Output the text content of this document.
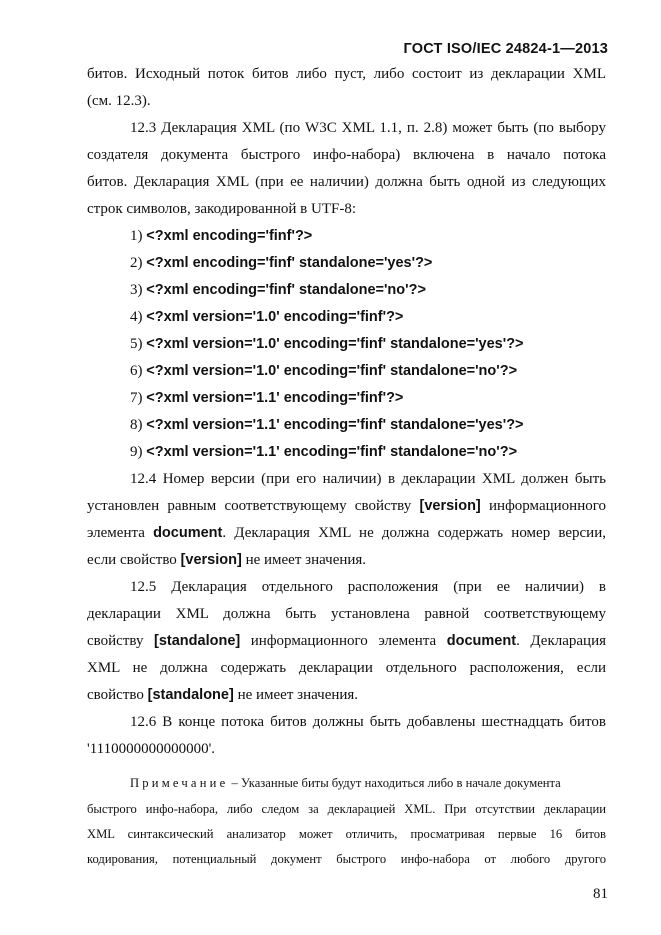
ГОСТ ISO/IEC 24824-1—2013
битов. Исходный поток битов либо пуст, либо состоит из декларации XML
(см. 12.3).
12.3 Декларация XML (по W3C XML 1.1, п. 2.8) может быть (по выбору
создателя документа быстрого инфо-набора) включена в начало потока
битов. Декларация XML (при ее наличии) должна быть одной из следующих
строк символов, закодированной в UTF-8:
1) <?xml encoding='finf'?>
2) <?xml encoding='finf' standalone='yes'?>
3) <?xml encoding='finf' standalone='no'?>
4) <?xml version='1.0' encoding='finf'?>
5) <?xml version='1.0' encoding='finf' standalone='yes'?>
6) <?xml version='1.0' encoding='finf' standalone='no'?>
7) <?xml version='1.1' encoding='finf'?>
8) <?xml version='1.1' encoding='finf' standalone='yes'?>
9) <?xml version='1.1' encoding='finf' standalone='no'?>
12.4 Номер версии (при его наличии) в декларации XML должен быть
установлен равным соответствующему свойству [version] информационного
элемента document. Декларация XML не должна содержать номер версии,
если свойство [version] не имеет значения.
12.5 Декларация отдельного расположения (при ее наличии) в
декларации XML должна быть установлена равной соответствующему
свойству [standalone] информационного элемента document. Декларация
XML не должна содержать декларации отдельного расположения, если
свойство [standalone] не имеет значения.
12.6 В конце потока битов должны быть добавлены шестнадцать битов
'1110000000000000'.
Примечание – Указанные биты будут находиться либо в начале документа
быстрого инфо-набора, либо следом за декларацией XML. При отсутствии декларации
XML синтаксический анализатор может отличить, просматривая первые 16 битов
кодирования, потенциальный документ быстрого инфо-набора от любого другого
81
